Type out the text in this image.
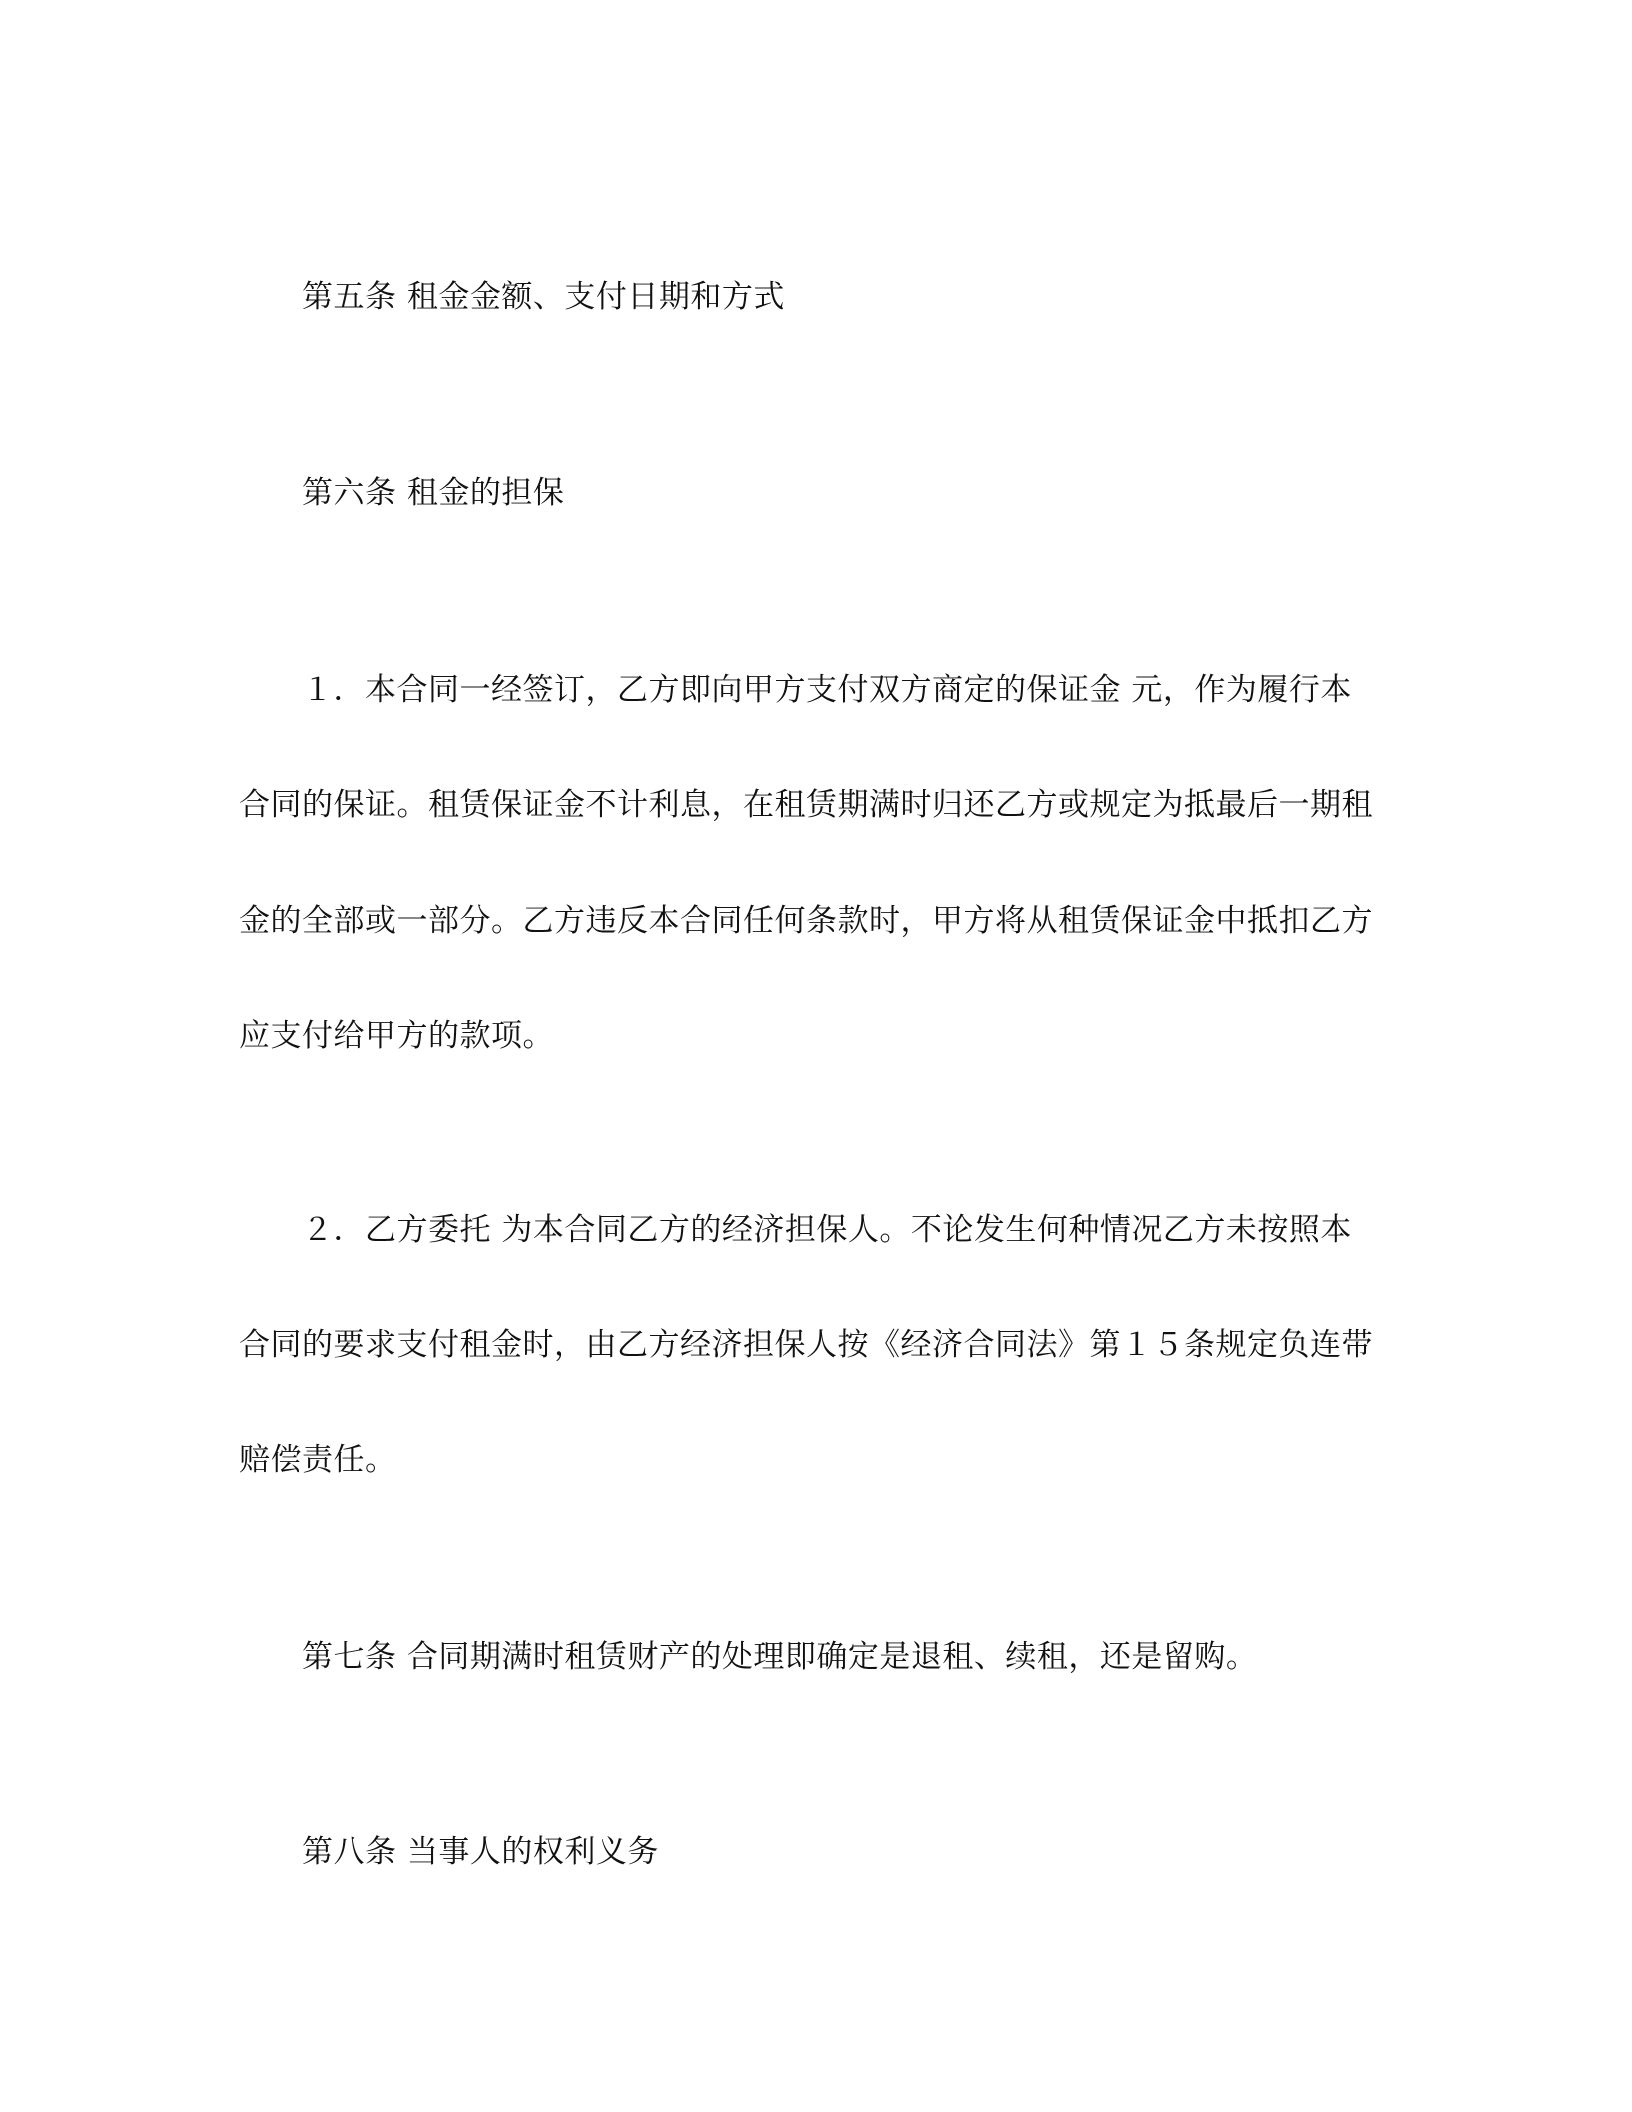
第五条 租金金额、支付日期和方式

第六条 租金的担保

１．本合同一经签订，乙方即向甲方支付双方商定的保证金 元，作为履行本

合同的保证。租赁保证金不计利息，在租赁期满时归还乙方或规定为抵最后一期租

金的全部或一部分。乙方违反本合同任何条款时，甲方将从租赁保证金中抵扣乙方

应支付给甲方的款项。

２．乙方委托 为本合同乙方的经济担保人。不论发生何种情况乙方未按照本

合同的要求支付租金时，由乙方经济担保人按《经济合同法》第１５条规定负连带

赔偿责任。

第七条 合同期满时租赁财产的处理即确定是退租、续租，还是留购。

第八条 当事人的权利义务
